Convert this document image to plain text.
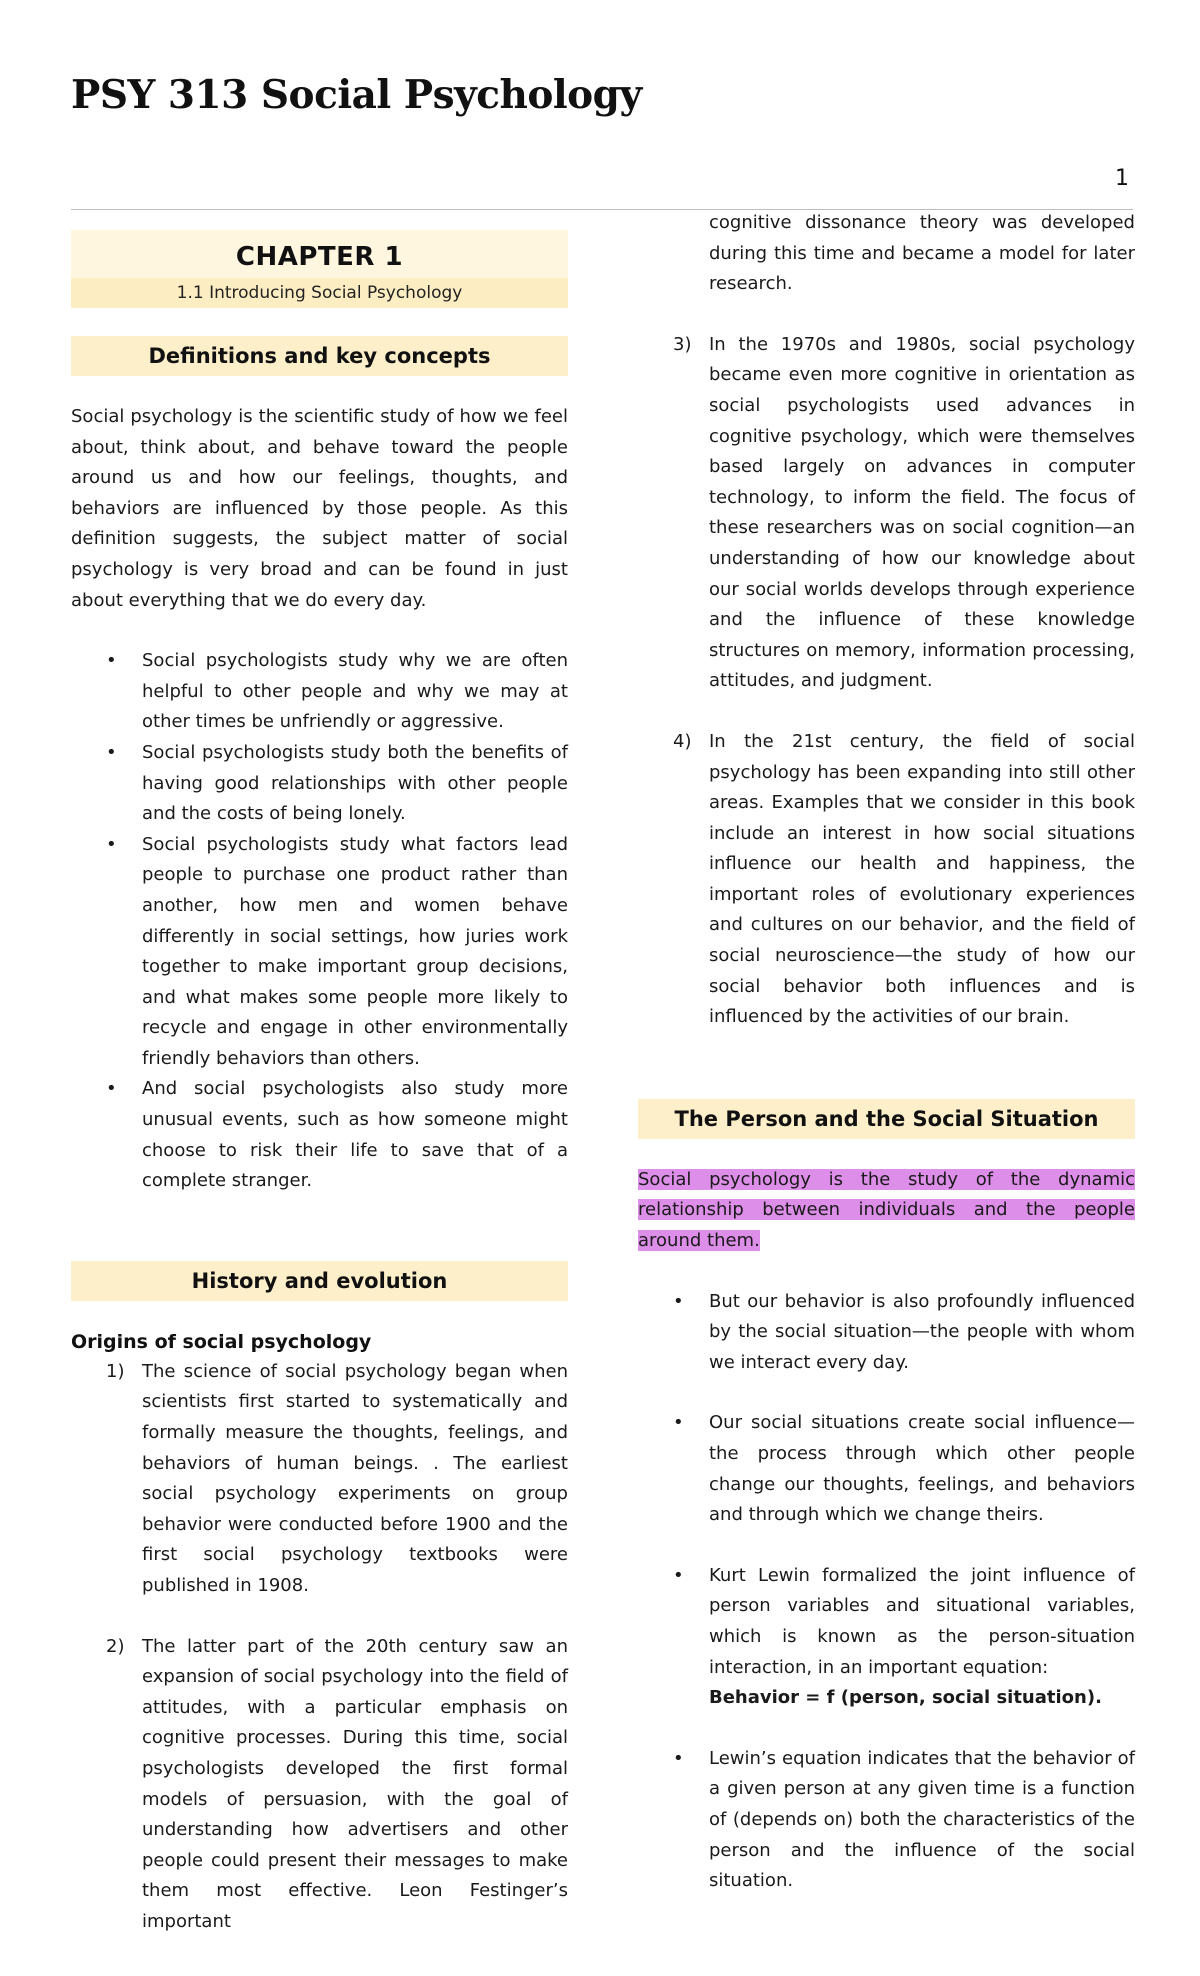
PSY 313 Social Psychology
1
CHAPTER 1
1.1 Introducing Social Psychology
Definitions and key concepts

Social psychology is the scientific study of how we feel about, think about, and behave toward the people around us and how our feelings, thoughts, and behaviors are influenced by those people. As this definition suggests, the subject matter of social psychology is very broad and can be found in just about everything that we do every day.

• Social psychologists study why we are often helpful to other people and why we may at other times be unfriendly or aggressive.
• Social psychologists study both the benefits of having good relationships with other people and the costs of being lonely.
• Social psychologists study what factors lead people to purchase one product rather than another, how men and women behave differently in social settings, how juries work together to make important group decisions, and what makes some people more likely to recycle and engage in other environmentally friendly behaviors than others.
• And social psychologists also study more unusual events, such as how someone might choose to risk their life to save that of a complete stranger.
History and evolution

Origins of social psychology

1) The science of social psychology began when scientists first started to systematically and formally measure the thoughts, feelings, and behaviors of human beings. . The earliest social psychology experiments on group behavior were conducted before 1900 and the first social psychology textbooks were published in 1908.
2) The latter part of the 20th century saw an expansion of social psychology into the field of attitudes, with a particular emphasis on cognitive processes. During this time, social psychologists developed the first formal models of persuasion, with the goal of understanding how advertisers and other people could present their messages to make them most effective. Leon Festinger’s important
cognitive dissonance theory was developed during this time and became a model for later research.
3) In the 1970s and 1980s, social psychology became even more cognitive in orientation as social psychologists used advances in cognitive psychology, which were themselves based largely on advances in computer technology, to inform the field. The focus of these researchers was on social cognition—an understanding of how our knowledge about our social worlds develops through experience and the influence of these knowledge structures on memory, information processing, attitudes, and judgment.
4) In the 21st century, the field of social psychology has been expanding into still other areas. Examples that we consider in this book include an interest in how social situations influence our health and happiness, the important roles of evolutionary experiences and cultures on our behavior, and the field of social neuroscience—the study of how our social behavior both influences and is influenced by the activities of our brain.
The Person and the Social Situation

Social psychology is the study of the dynamic relationship between individuals and the people around them.

• But our behavior is also profoundly influenced by the social situation—the people with whom we interact every day.
• Our social situations create social influence—the process through which other people change our thoughts, feelings, and behaviors and through which we change theirs.
• Kurt Lewin formalized the joint influence of person variables and situational variables, which is known as the person-situation interaction, in an important equation:
Behavior = f (person, social situation).
• Lewin’s equation indicates that the behavior of a given person at any given time is a function of (depends on) both the characteristics of the person and the influence of the social situation.
